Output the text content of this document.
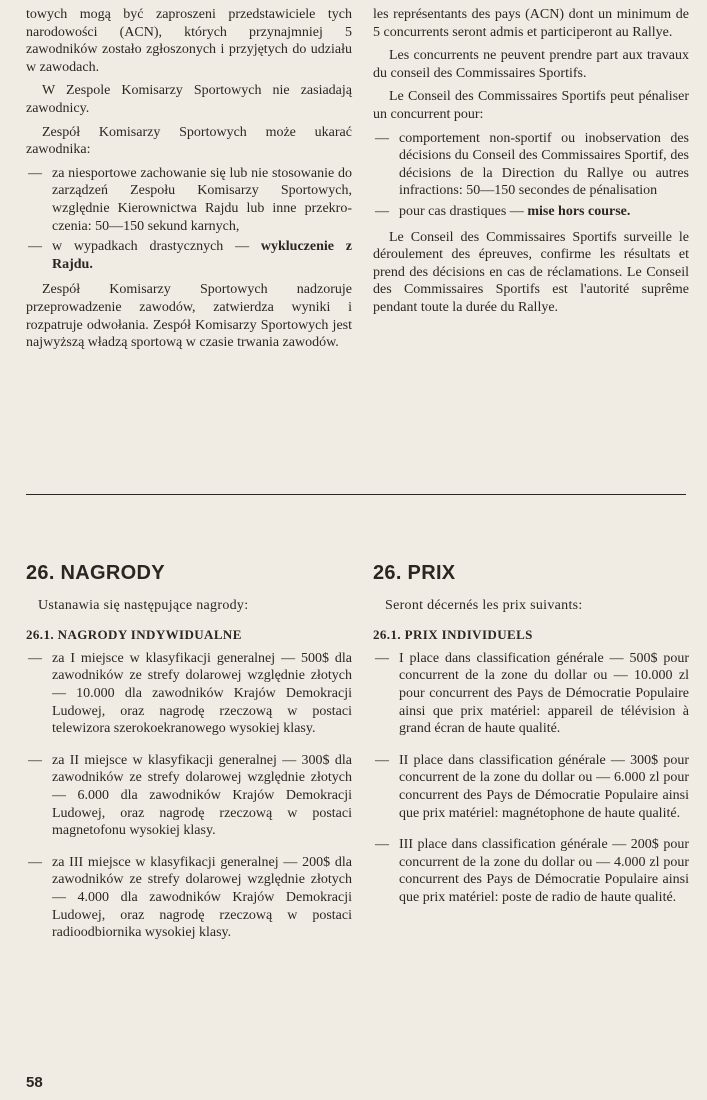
towych mogą być zaproszeni przedstawiciele tych narodowości (ACN), których przynajmniej 5 zawodników zostało zgłoszonych i przyjętych do udziału w zawodach.

W Zespole Komisarzy Sportowych nie zasiadają zawodnicy.

Zespół Komisarzy Sportowych może ukarać zawodnika:

— za niesportowe zachowanie się lub nie stosowanie do zarządzeń Zespołu Komisarzy Sportowych, względnie Kierownictwa Rajdu lub inne przekroczenia: 50—150 sekund karnych,
— w wypadkach drastycznych — wykluczenie z Rajdu.

Zespół Komisarzy Sportowych nadzoruje przeprowadzenie zawodów, zatwierdza wyniki i rozpatruje odwołania. Zespół Komisarzy Sportowych jest najwyższą władzą sportową w czasie trwania zawodów.

les représentants des pays (ACN) dont un minimum de 5 concurrents seront admis et participeront au Rallye.

Les concurrents ne peuvent prendre part aux travaux du conseil des Commissaires Sportifs.

Le Conseil des Commissaires Sportifs peut pénaliser un concurrent pour:

— comportement non-sportif ou inobservation des décisions du Conseil des Commissaires Sportif, des décisions de la Direction du Rallye ou autres infractions: 50—150 secondes de pénalisation
— pour cas drastiques — mise hors course.

Le Conseil des Commissaires Sportifs surveille le déroulement des épreuves, confirme les résultats et prend des décisions en cas de réclamations. Le Conseil des Commissaires Sportifs est l'autorité suprême pendant toute la durée du Rallye.

26. NAGRODY

Ustanawia się następujące nagrody:

26.1. NAGRODY INDYWIDUALNE
— za I miejsce w klasyfikacji generalnej — 500$ dla zawodników ze strefy dolarowej względnie złotych — 10.000 dla zawodników Krajów Demokracji Ludowej, oraz nagrodę rzeczową w postaci telewizora szerokoekranowego wysokiej klasy.
— za II miejsce w klasyfikacji generalnej — 300$ dla zawodników ze strefy dolarowej względnie złotych — 6.000 dla zawodników Krajów Demokracji Ludowej, oraz nagrodę rzeczową w postaci magnetofonu wysokiej klasy.
— za III miejsce w klasyfikacji generalnej — 200$ dla zawodników ze strefy dolarowej względnie złotych — 4.000 dla zawodników Krajów Demokracji Ludowej, oraz nagrodę rzeczową w postaci radioodbiornika wysokiej klasy.
26. PRIX

Seront décernés les prix suivants:

26.1. PRIX INDIVIDUELS
— I place dans classification générale — 500$ pour concurrent de la zone du dollar ou — 10.000 zl pour concurrent des Pays de Démocratie Populaire ainsi que prix matériel: appareil de télévision à grand écran de haute qualité.
— II place dans classification générale — 300$ pour concurrent de la zone du dollar ou — 6.000 zl pour concurrent des Pays de Démocratie Populaire ainsi que prix matériel: magnétophone de haute qualité.
— III place dans classification générale — 200$ pour concurrent de la zone du dollar ou — 4.000 zl pour concurrent des Pays de Démocratie Populaire ainsi que prix matériel: poste de radio de haute qualité.
58
